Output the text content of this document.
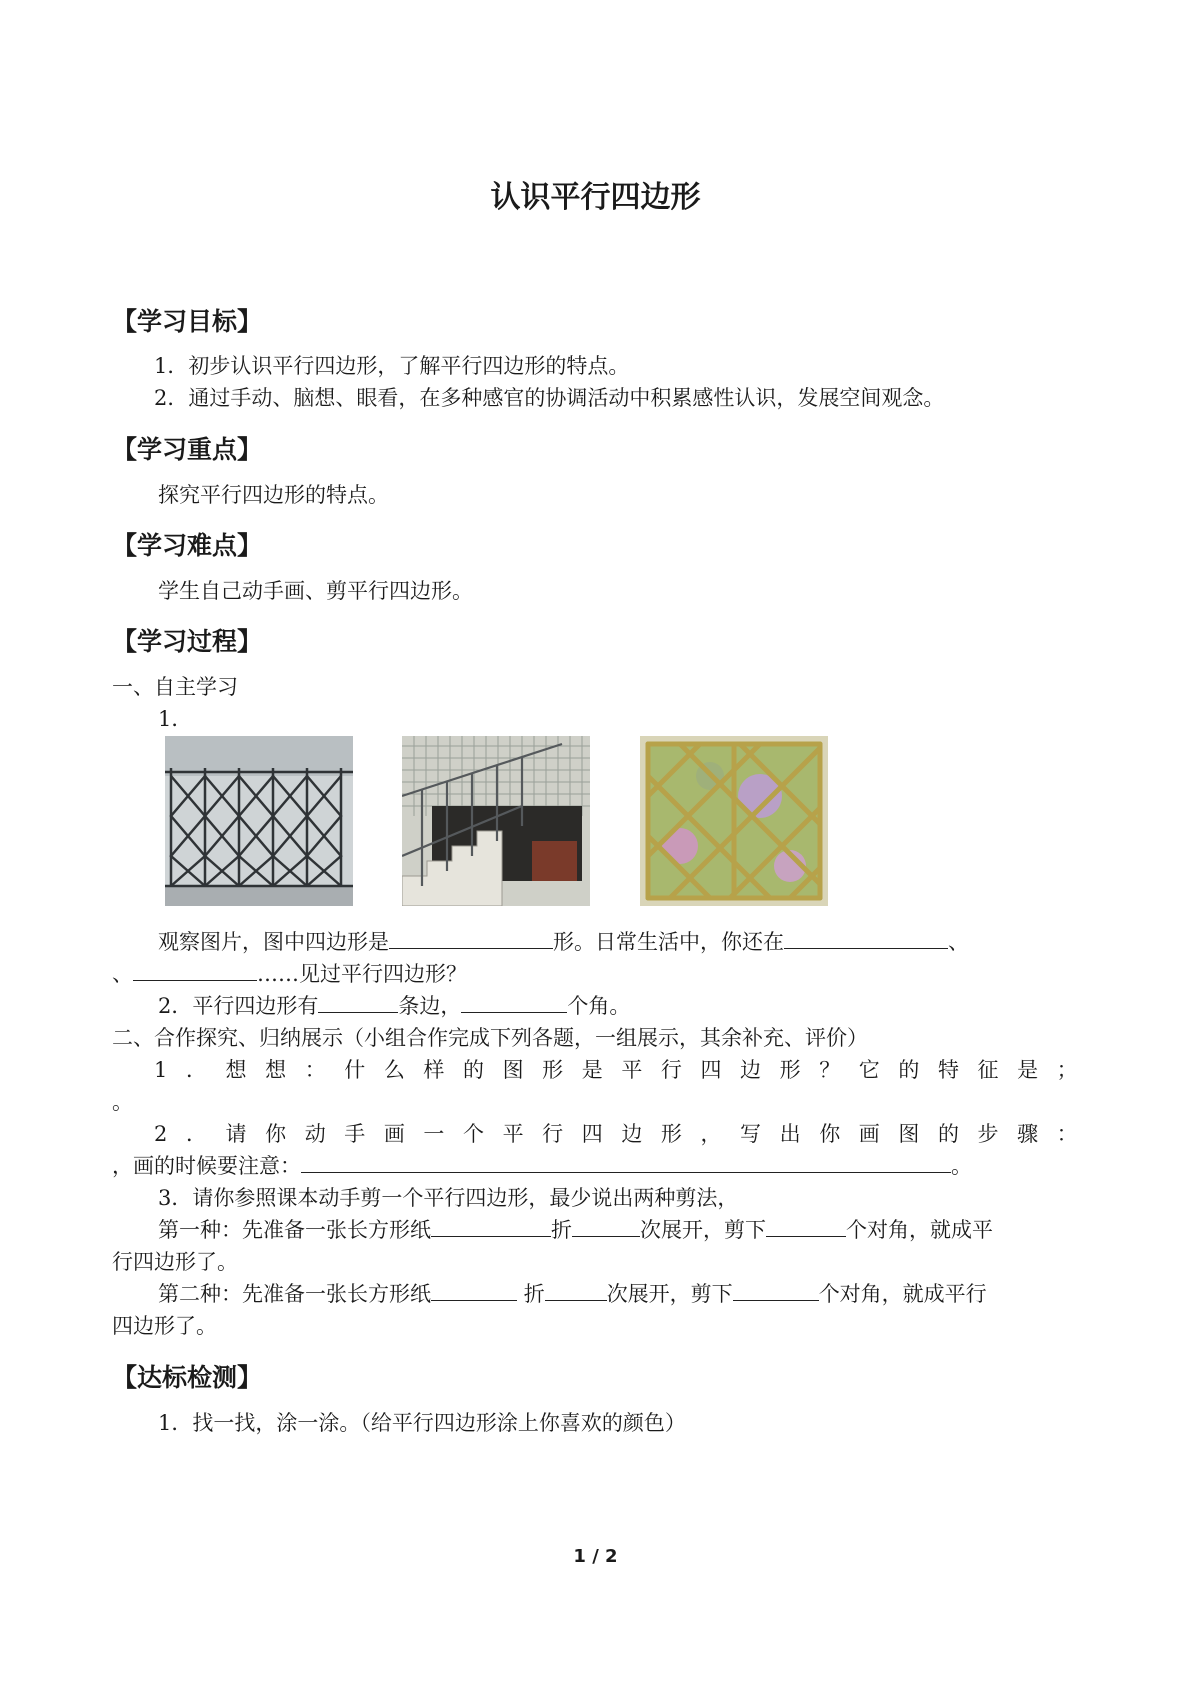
认识平行四边形
【学习目标】
1．初步认识平行四边形，了解平行四边形的特点。
2．通过手动、脑想、眼看，在多种感官的协调活动中积累感性认识，发展空间观念。
【学习重点】
探究平行四边形的特点。
【学习难点】
学生自己动手画、剪平行四边形。
【学习过程】
一、自主学习
1．
观察图片，图中四边形是	形。日常生活中，你还在	、
、	……见过平行四边形？
2．平行四边形有	条边，	个角。
二、合作探究、归纳展示（小组合作完成下列各题，一组展示，其余补充、评价）
1 ． 想 想 ： 什 么 样 的 图 形 是 平 行 四 边 形 ？ 它 的 特 征 是 ；
。
2 ． 请 你 动 手 画 一 个 平 行 四 边 形 ， 写 出 你 画 图 的 步 骤 ：
，画的时候要注意：	。
3．请你参照课本动手剪一个平行四边形，最少说出两种剪法，
第一种：先准备一张长方形纸	折	次展开，剪下	个对角，就成平
行四边形了。
第二种：先准备一张长方形纸	折	次展开，剪下	个对角，就成平行
四边形了。
【达标检测】
1．找一找，涂一涂。（给平行四边形涂上你喜欢的颜色）
1 / 2
